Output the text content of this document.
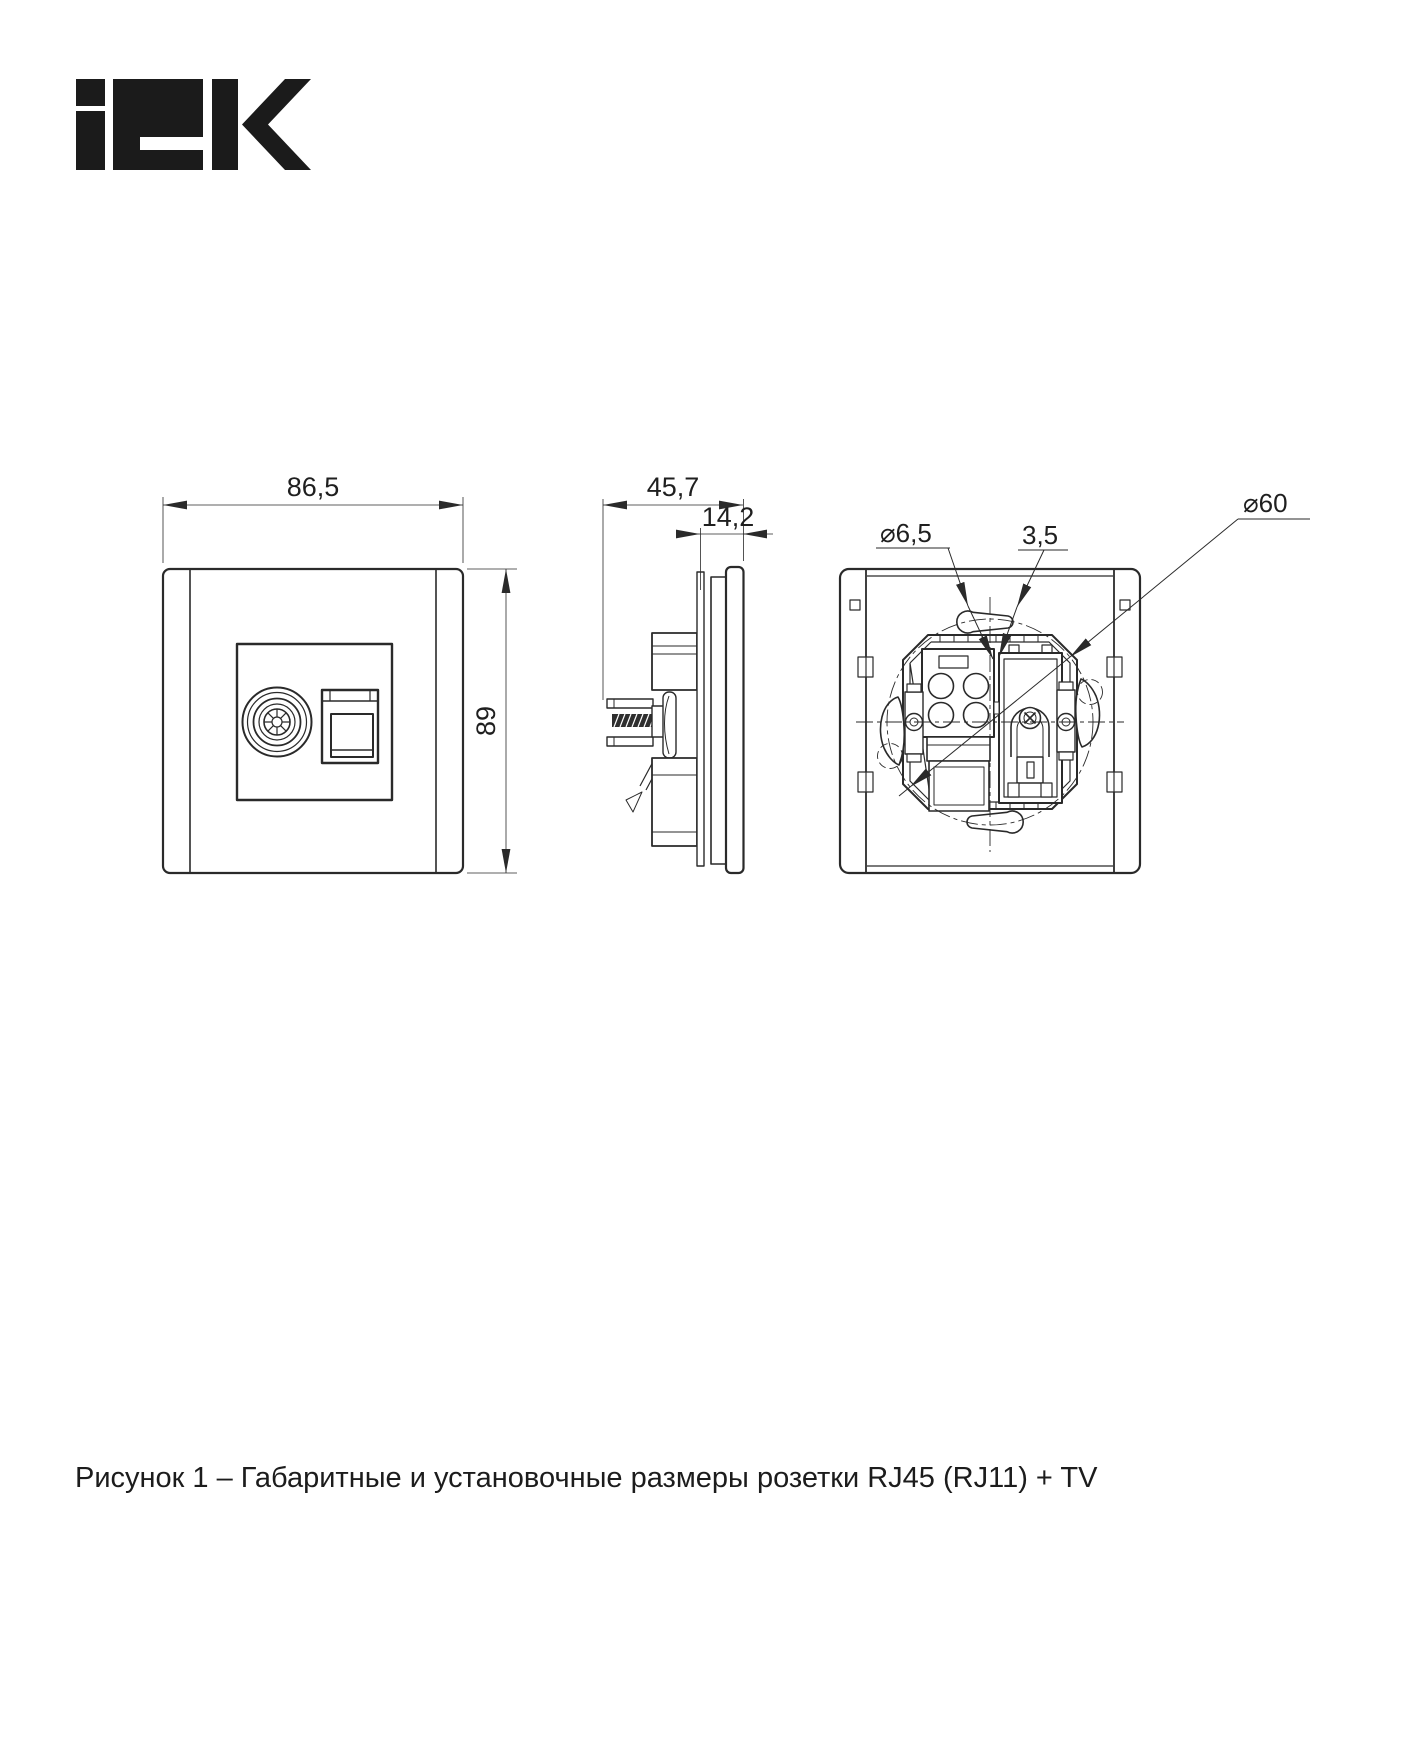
86,5
89
45,7
14,2
⌀6,5	3,5
⌀60
Рисунок 1 – Габаритные и установочные размеры розетки RJ45 (RJ11) + TV
